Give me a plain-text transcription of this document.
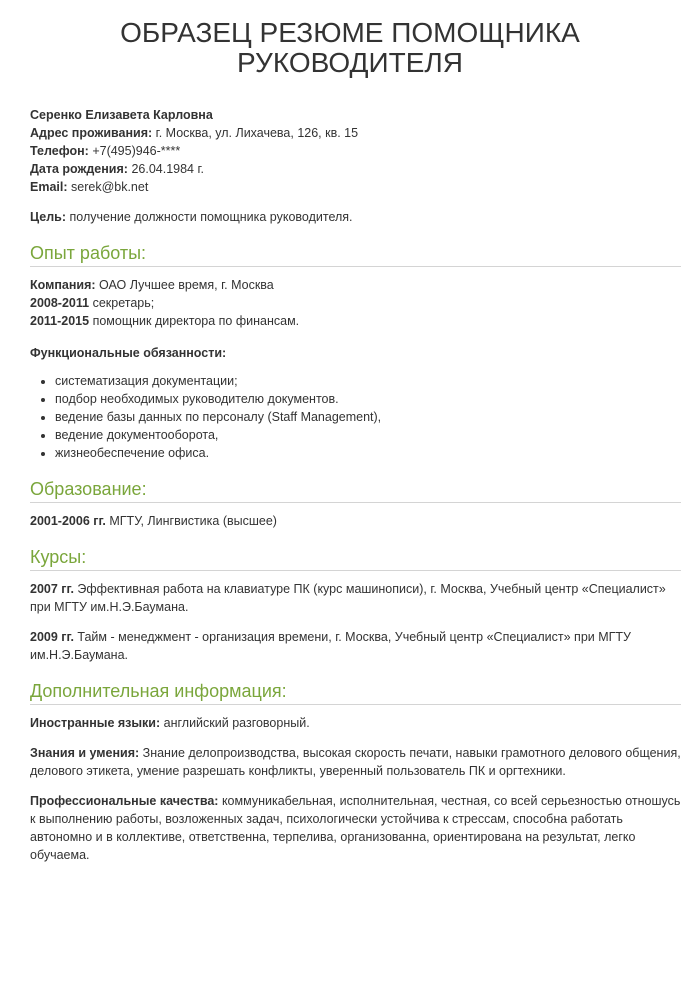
ОБРАЗЕЦ РЕЗЮМЕ ПОМОЩНИКА
РУКОВОДИТЕЛЯ

Серенко Елизавета Карловна

Адрес проживания: г. Москва, ул. Лихачева, 126, кв. 15

Телефон: +7(495)946-****

Дата рождения: 26.04.1984 г.

Email: serek@bk.net

Цель: получение должности помощника руководителя.

Опыт работы:

Компания: ОАО Лучшее время, г. Москва

2008-2011 секретарь;

2011-2015 помощник директора по финансам.

Функциональные обязанности:

• систематизация документации;
• подбор необходимых руководителю документов.
• ведение базы данных по персоналу (Staff Management),
• ведение документооборота,
• жизнеобеспечение офиса.
Образование:

2001-2006 гг. МГТУ, Лингвистика (высшее)

Курсы:

2007 гг. Эффективная работа на клавиатуре ПК (курс машинописи), г. Москва, Учебный центр «Специалист» при МГТУ им.Н.Э.Баумана.

2009 гг. Тайм - менеджмент - организация времени, г. Москва, Учебный центр «Специалист» при МГТУ им.Н.Э.Баумана.

Дополнительная информация:

Иностранные языки: английский разговорный.

Знания и умения: Знание делопроизводства, высокая скорость печати, навыки грамотного делового общения, делового этикета, умение разрешать конфликты, уверенный пользователь ПК и оргтехники.

Профессиональные качества: коммуникабельная, исполнительная, честная, со всей серьезностью отношусь к выполнению работы, возложенных задач, психологически устойчива к стрессам, способна работать автономно и в коллективе, ответственна, терпелива, организованна, ориентирована на результат, легко обучаема.
